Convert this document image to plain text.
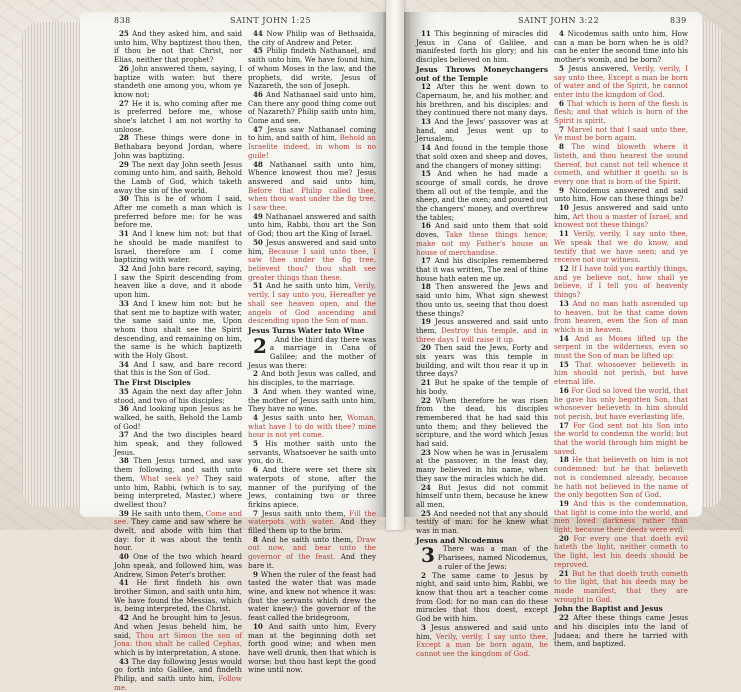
838	SAINT JOHN 1:25

25 And they asked him, and said unto him, Why baptizest thou then, if thou be not that Christ, nor Elias, neither that prophet?

26 John answered them, saying, I baptize with water: but there standeth one among you, whom ye know not;

27 He it is, who coming after me is preferred before me, whose shoe's latchet I am not worthy to unloose.

28 These things were done in Bethabara beyond Jordan, where John was baptizing.

29 The next day John seeth Jesus coming unto him, and saith, Behold the Lamb of God, which taketh away the sin of the world.

30 This is he of whom I said, After me cometh a man which is preferred before me: for he was before me.

31 And I knew him not: but that he should be made manifest to Israel, therefore am I come baptizing with water.

32 And John bare record, saying, I saw the Spirit descending from heaven like a dove, and it abode upon him.

33 And I knew him not: but he that sent me to baptize with water, the same said unto me, Upon whom thou shalt see the Spirit descending, and remaining on him, the same is he which baptizeth with the Holy Ghost.

34 And I saw, and bare record that this is the Son of God.

The First Disciples

35 Again the next day after John stood, and two of his disciples;

36 And looking upon Jesus as he walked, he saith, Behold the Lamb of God!

37 And the two disciples heard him speak, and they followed Jesus.

38 Then Jesus turned, and saw them following, and saith unto them, What seek ye? They said unto him, Rabbi, (which is to say, being interpreted, Master,) where dwellest thou?

39 He saith unto them, Come and see. They came and saw where he dwelt, and abode with him that day: for it was about the tenth hour.

40 One of the two which heard John speak, and followed him, was Andrew, Simon Peter's brother.

41 He first findeth his own brother Simon, and saith unto him, We have found the Messias, which is, being interpreted, the Christ.

42 And he brought him to Jesus. And when Jesus beheld him, he said, Thou art Simon the son of Jona: thou shalt be called Cephas, which is by interpretation, A stone.

43 The day following Jesus would go forth into Galilee, and findeth Philip, and saith unto him, Follow me.

44 Now Philip was of Bethsaida, the city of Andrew and Peter.

45 Philip findeth Nathanael, and saith unto him, We have found him, of whom Moses in the law, and the prophets, did write, Jesus of Nazareth, the son of Joseph.

46 And Nathanael said unto him, Can there any good thing come out of Nazareth? Philip saith unto him, Come and see.

47 Jesus saw Nathanael coming to him, and saith of him, Behold an Israelite indeed, in whom is no guile!

48 Nathanael saith unto him, Whence knowest thou me? Jesus answered and said unto him, Before that Philip called thee, when thou wast under the fig tree, I saw thee.

49 Nathanael answered and saith unto him, Rabbi, thou art the Son of God; thou art the King of Israel.

50 Jesus answered and said unto him, Because I said unto thee, I saw thee under the fig tree, believest thou? thou shalt see greater things than these.

51 And he saith unto him, Verily, verily, I say unto you, Hereafter ye shall see heaven open, and the angels of God ascending and descending upon the Son of man.

Jesus Turns Water into Wine

2 And the third day there was a marriage in Cana of Galilee; and the mother of Jesus was there:

2 And both Jesus was called, and his disciples, to the marriage.

3 And when they wanted wine, the mother of Jesus saith unto him, They have no wine.

4 Jesus saith unto her, Woman, what have I to do with thee? mine hour is not yet come.

5 His mother saith unto the servants, Whatsoever he saith unto you, do it.

6 And there were set there six waterpots of stone, after the manner of the purifying of the Jews, containing two or three firkins apiece.

7 Jesus saith unto them, Fill the waterpots with water. And they filled them up to the brim.

8 And he saith unto them, Draw out now, and bear unto the governor of the feast. And they bare it.

9 When the ruler of the feast had tasted the water that was made wine, and knew not whence it was: (but the servants which drew the water knew;) the governor of the feast called the bridegroom,

10 And saith unto him, Every man at the beginning doth set forth good wine; and when men have well drunk, then that which is worse: but thou hast kept the good wine until now.

SAINT JOHN 3:22	839

11 This beginning of miracles did Jesus in Cana of Galilee, and manifested forth his glory; and his disciples believed on him.

Jesus Throws Moneychangers out of the Temple

12 After this he went down to Capernaum, he, and his mother, and his brethren, and his disciples: and they continued there not many days.

13 And the Jews' passover was at hand, and Jesus went up to Jerusalem,

14 And found in the temple those that sold oxen and sheep and doves, and the changers of money sitting:

15 And when he had made a scourge of small cords, he drove them all out of the temple, and the sheep, and the oxen; and poured out the changers' money, and overthrew the tables;

16 And said unto them that sold doves, Take these things hence; make not my Father's house an house of merchandise.

17 And his disciples remembered that it was written, The zeal of thine house hath eaten me up.

18 Then answered the Jews and said unto him, What sign shewest thou unto us, seeing that thou doest these things?

19 Jesus answered and said unto them, Destroy this temple, and in three days I will raise it up.

20 Then said the Jews, Forty and six years was this temple in building, and wilt thou rear it up in three days?

21 But he spake of the temple of his body.

22 When therefore he was risen from the dead, his disciples remembered that he had said this unto them; and they believed the scripture, and the word which Jesus had said.

23 Now when he was in Jerusalem at the passover, in the feast day, many believed in his name, when they saw the miracles which he did.

24 But Jesus did not commit himself unto them, because he knew all men,

25 And needed not that any should testify of man: for he knew what was in man.

Jesus and Nicodemus

3 There was a man of the Pharisees, named Nicodemus, a ruler of the Jews:

2 The same came to Jesus by night, and said unto him, Rabbi, we know that thou art a teacher come from God: for no man can do these miracles that thou doest, except God be with him.

3 Jesus answered and said unto him, Verily, verily, I say unto thee, Except a man be born again, he cannot see the kingdom of God.

4 Nicodemus saith unto him, How can a man be born when he is old? can he enter the second time into his mother's womb, and be born?

5 Jesus answered, Verily, verily, I say unto thee, Except a man be born of water and of the Spirit, he cannot enter into the kingdom of God.

6 That which is born of the flesh is flesh; and that which is born of the Spirit is spirit.

7 Marvel not that I said unto thee, Ye must be born again.

8 The wind bloweth where it listeth, and thou hearest the sound thereof, but canst not tell whence it cometh, and whither it goeth: so is every one that is born of the Spirit.

9 Nicodemus answered and said unto him, How can these things be?

10 Jesus answered and said unto him, Art thou a master of Israel, and knowest not these things?

11 Verily, verily, I say unto thee, We speak that we do know, and testify that we have seen; and ye receive not our witness.

12 If I have told you earthly things, and ye believe not, how shall ye believe, if I tell you of heavenly things?

13 And no man hath ascended up to heaven, but he that came down from heaven, even the Son of man which is in heaven.

14 And as Moses lifted up the serpent in the wilderness, even so must the Son of man be lifted up:

15 That whosoever believeth in him should not perish, but have eternal life.

16 For God so loved the world, that he gave his only begotten Son, that whosoever believeth in him should not perish, but have everlasting life.

17 For God sent not his Son into the world to condemn the world; but that the world through him might be saved.

18 He that believeth on him is not condemned: but he that believeth not is condemned already, because he hath not believed in the name of the only begotten Son of God.

19 And this is the condemnation, that light is come into the world, and men loved darkness rather than light, because their deeds were evil.

20 For every one that doeth evil hateth the light, neither cometh to the light, lest his deeds should be reproved.

21 But he that doeth truth cometh to the light, that his deeds may be made manifest, that they are wrought in God.

John the Baptist and Jesus

22 After these things came Jesus and his disciples into the land of Judaea; and there he tarried with them, and baptized.
